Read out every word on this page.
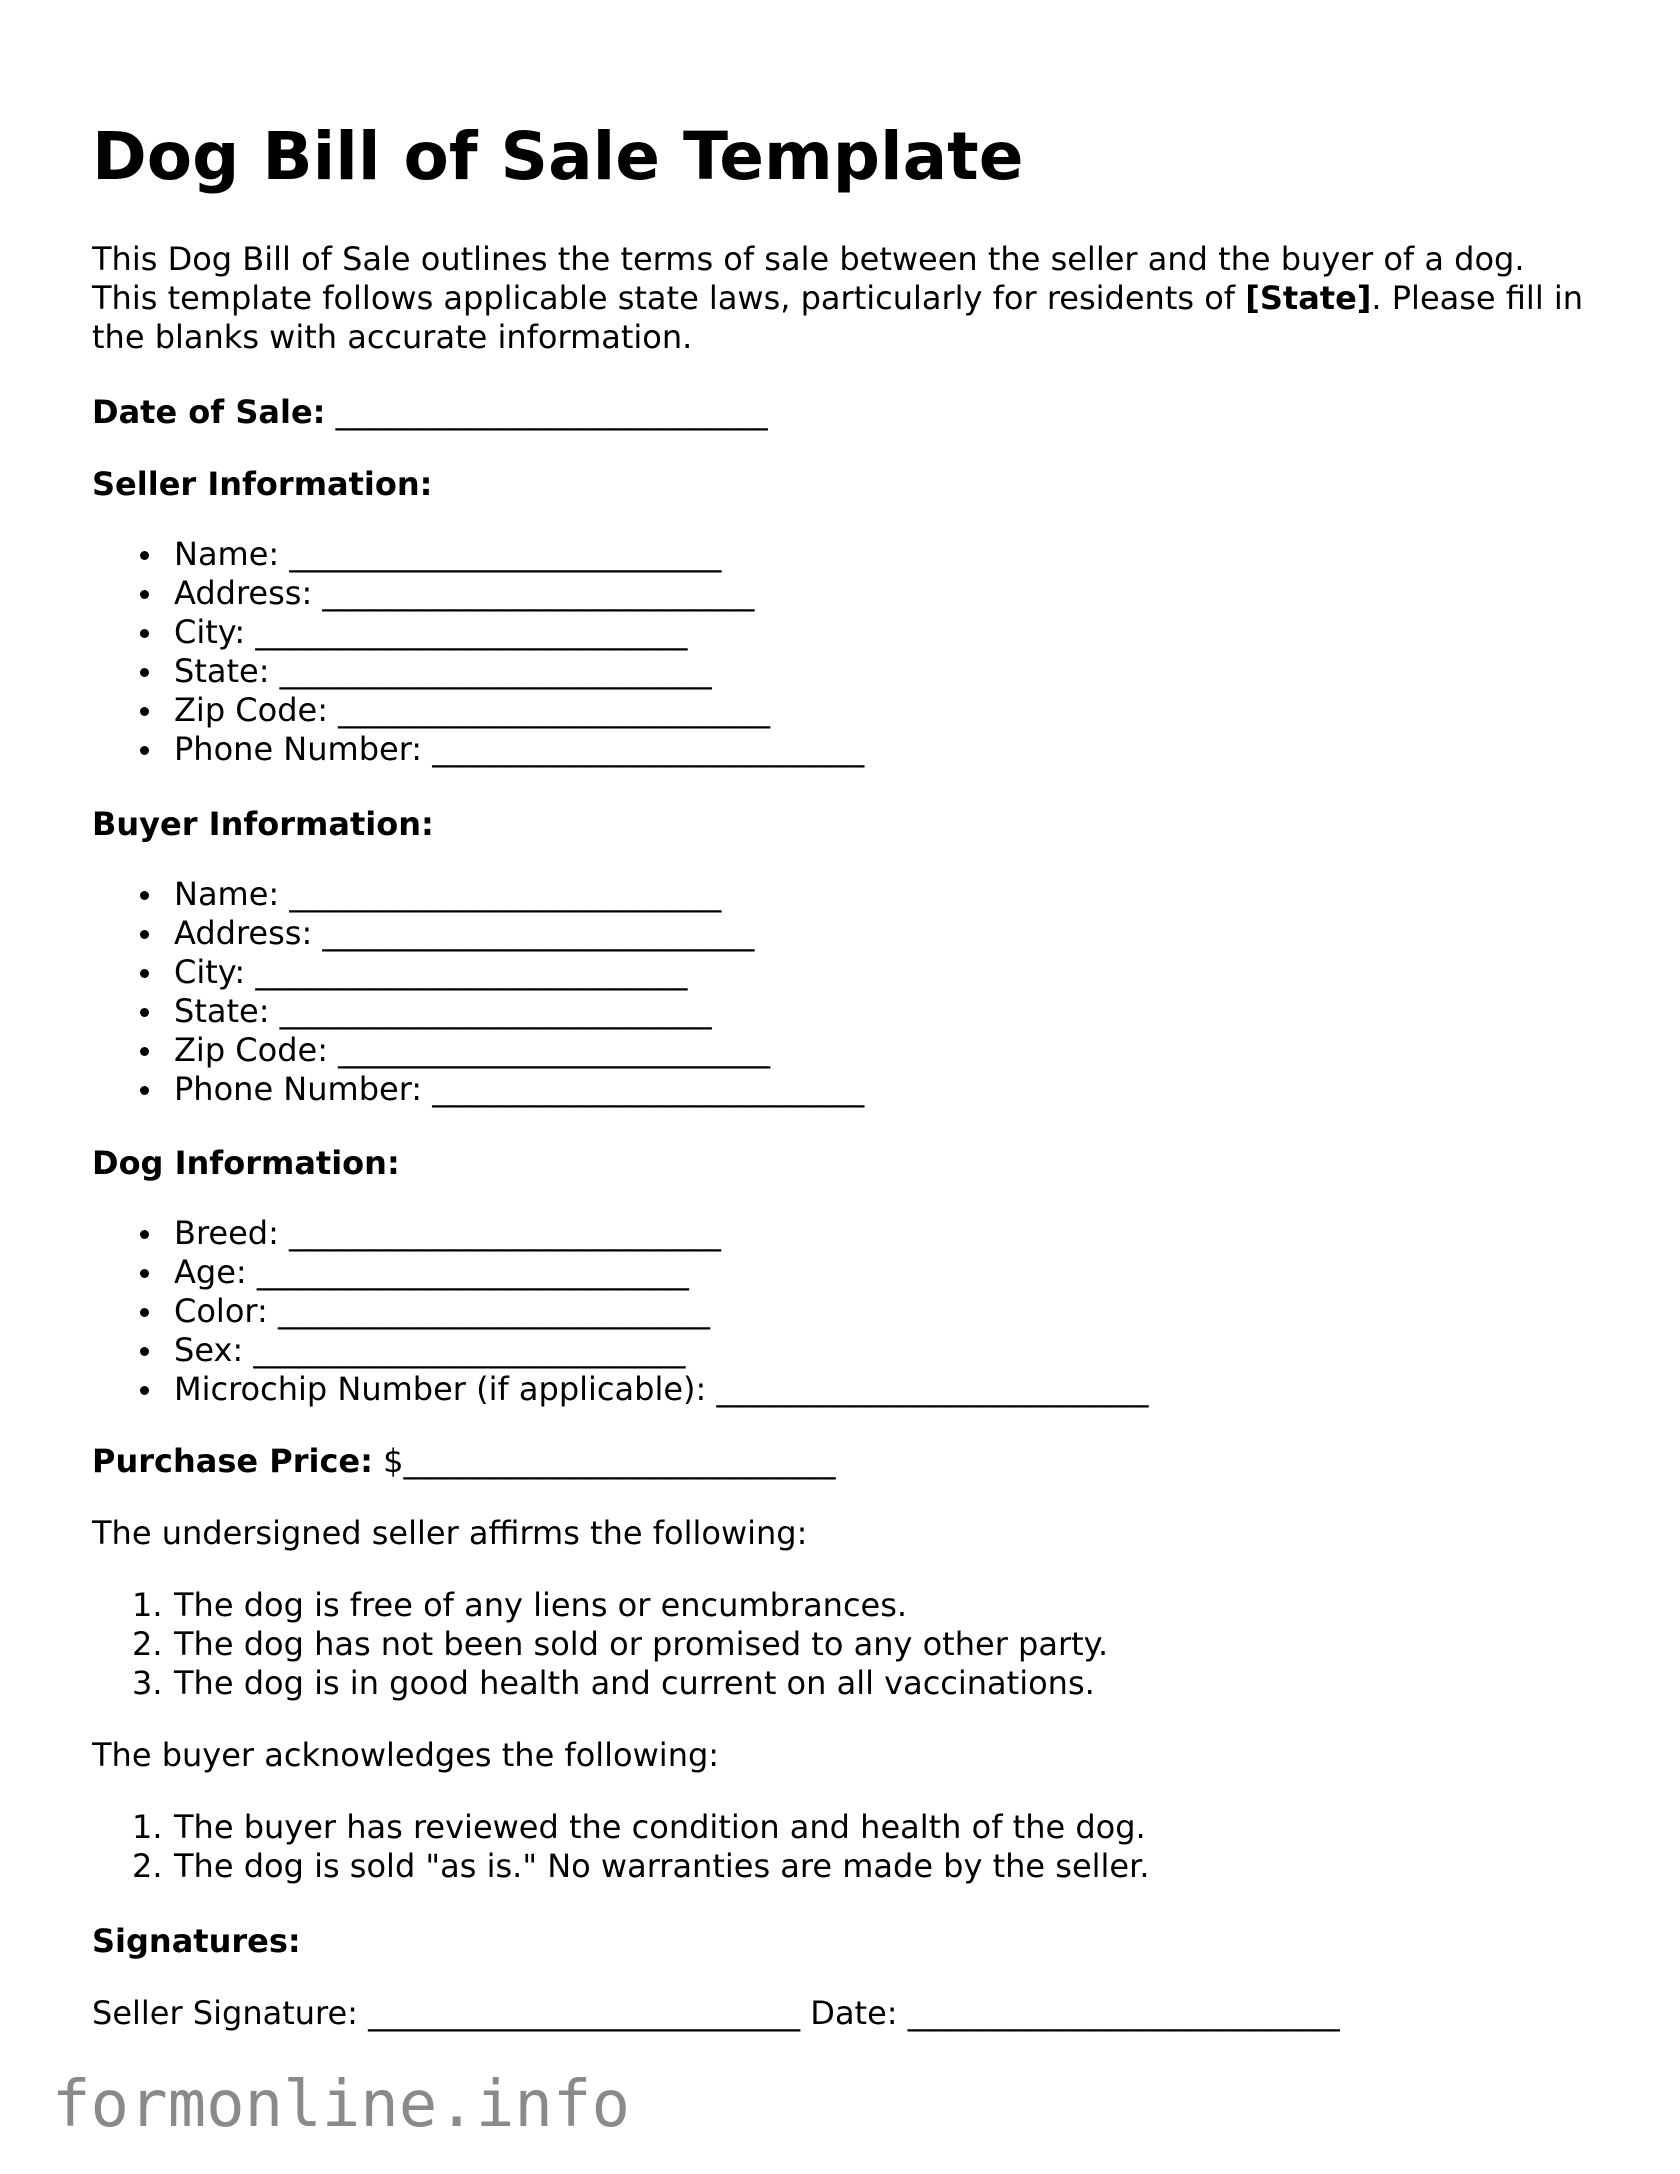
Dog Bill of Sale Template

This Dog Bill of Sale outlines the terms of sale between the seller and the buyer of a dog. This template follows applicable state laws, particularly for residents of [State]. Please fill in the blanks with accurate information.

Date of Sale: ___________________________

Seller Information:

Name: ___________________________
Address: ___________________________
City: ___________________________
State: ___________________________
Zip Code: ___________________________
Phone Number: ___________________________

Buyer Information:

Name: ___________________________
Address: ___________________________
City: ___________________________
State: ___________________________
Zip Code: ___________________________
Phone Number: ___________________________

Dog Information:

Breed: ___________________________
Age: ___________________________
Color: ___________________________
Sex: ___________________________
Microchip Number (if applicable): ___________________________

Purchase Price: $___________________________

The undersigned seller affirms the following:

1. The dog is free of any liens or encumbrances.
2. The dog has not been sold or promised to any other party.
3. The dog is in good health and current on all vaccinations.

The buyer acknowledges the following:

1. The buyer has reviewed the condition and health of the dog.
2. The dog is sold "as is." No warranties are made by the seller.

Signatures:

Seller Signature: ___________________________ Date: ___________________________

formonline.info
